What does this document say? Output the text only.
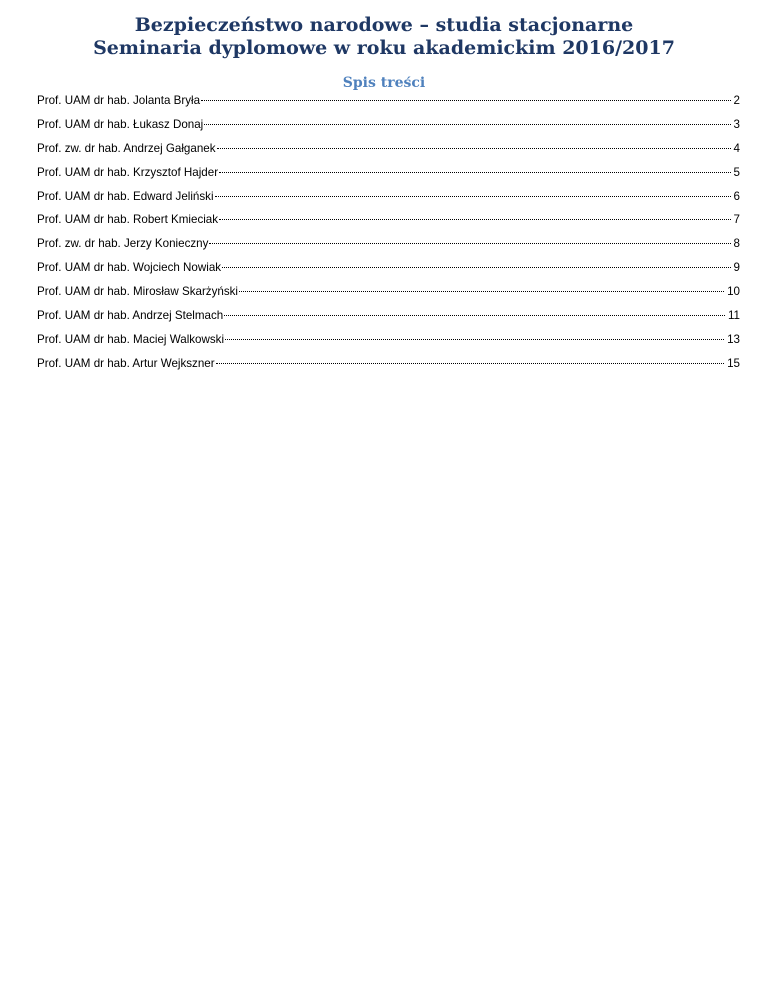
Bezpieczeństwo narodowe – studia stacjonarne
Seminaria dyplomowe w roku akademickim 2016/2017
Spis treści
Prof. UAM dr hab. Jolanta Bryła	2
Prof. UAM dr hab. Łukasz Donaj	3
Prof. zw. dr hab. Andrzej Gałganek	4
Prof. UAM dr hab. Krzysztof Hajder	5
Prof. UAM dr hab. Edward Jeliński	6
Prof. UAM dr hab. Robert Kmieciak	7
Prof. zw. dr hab. Jerzy Konieczny	8
Prof. UAM dr hab. Wojciech Nowiak	9
Prof. UAM dr hab. Mirosław Skarżyński	10
Prof. UAM dr hab. Andrzej Stelmach	11
Prof. UAM dr hab. Maciej Walkowski	13
Prof. UAM dr hab. Artur Wejkszner	15
